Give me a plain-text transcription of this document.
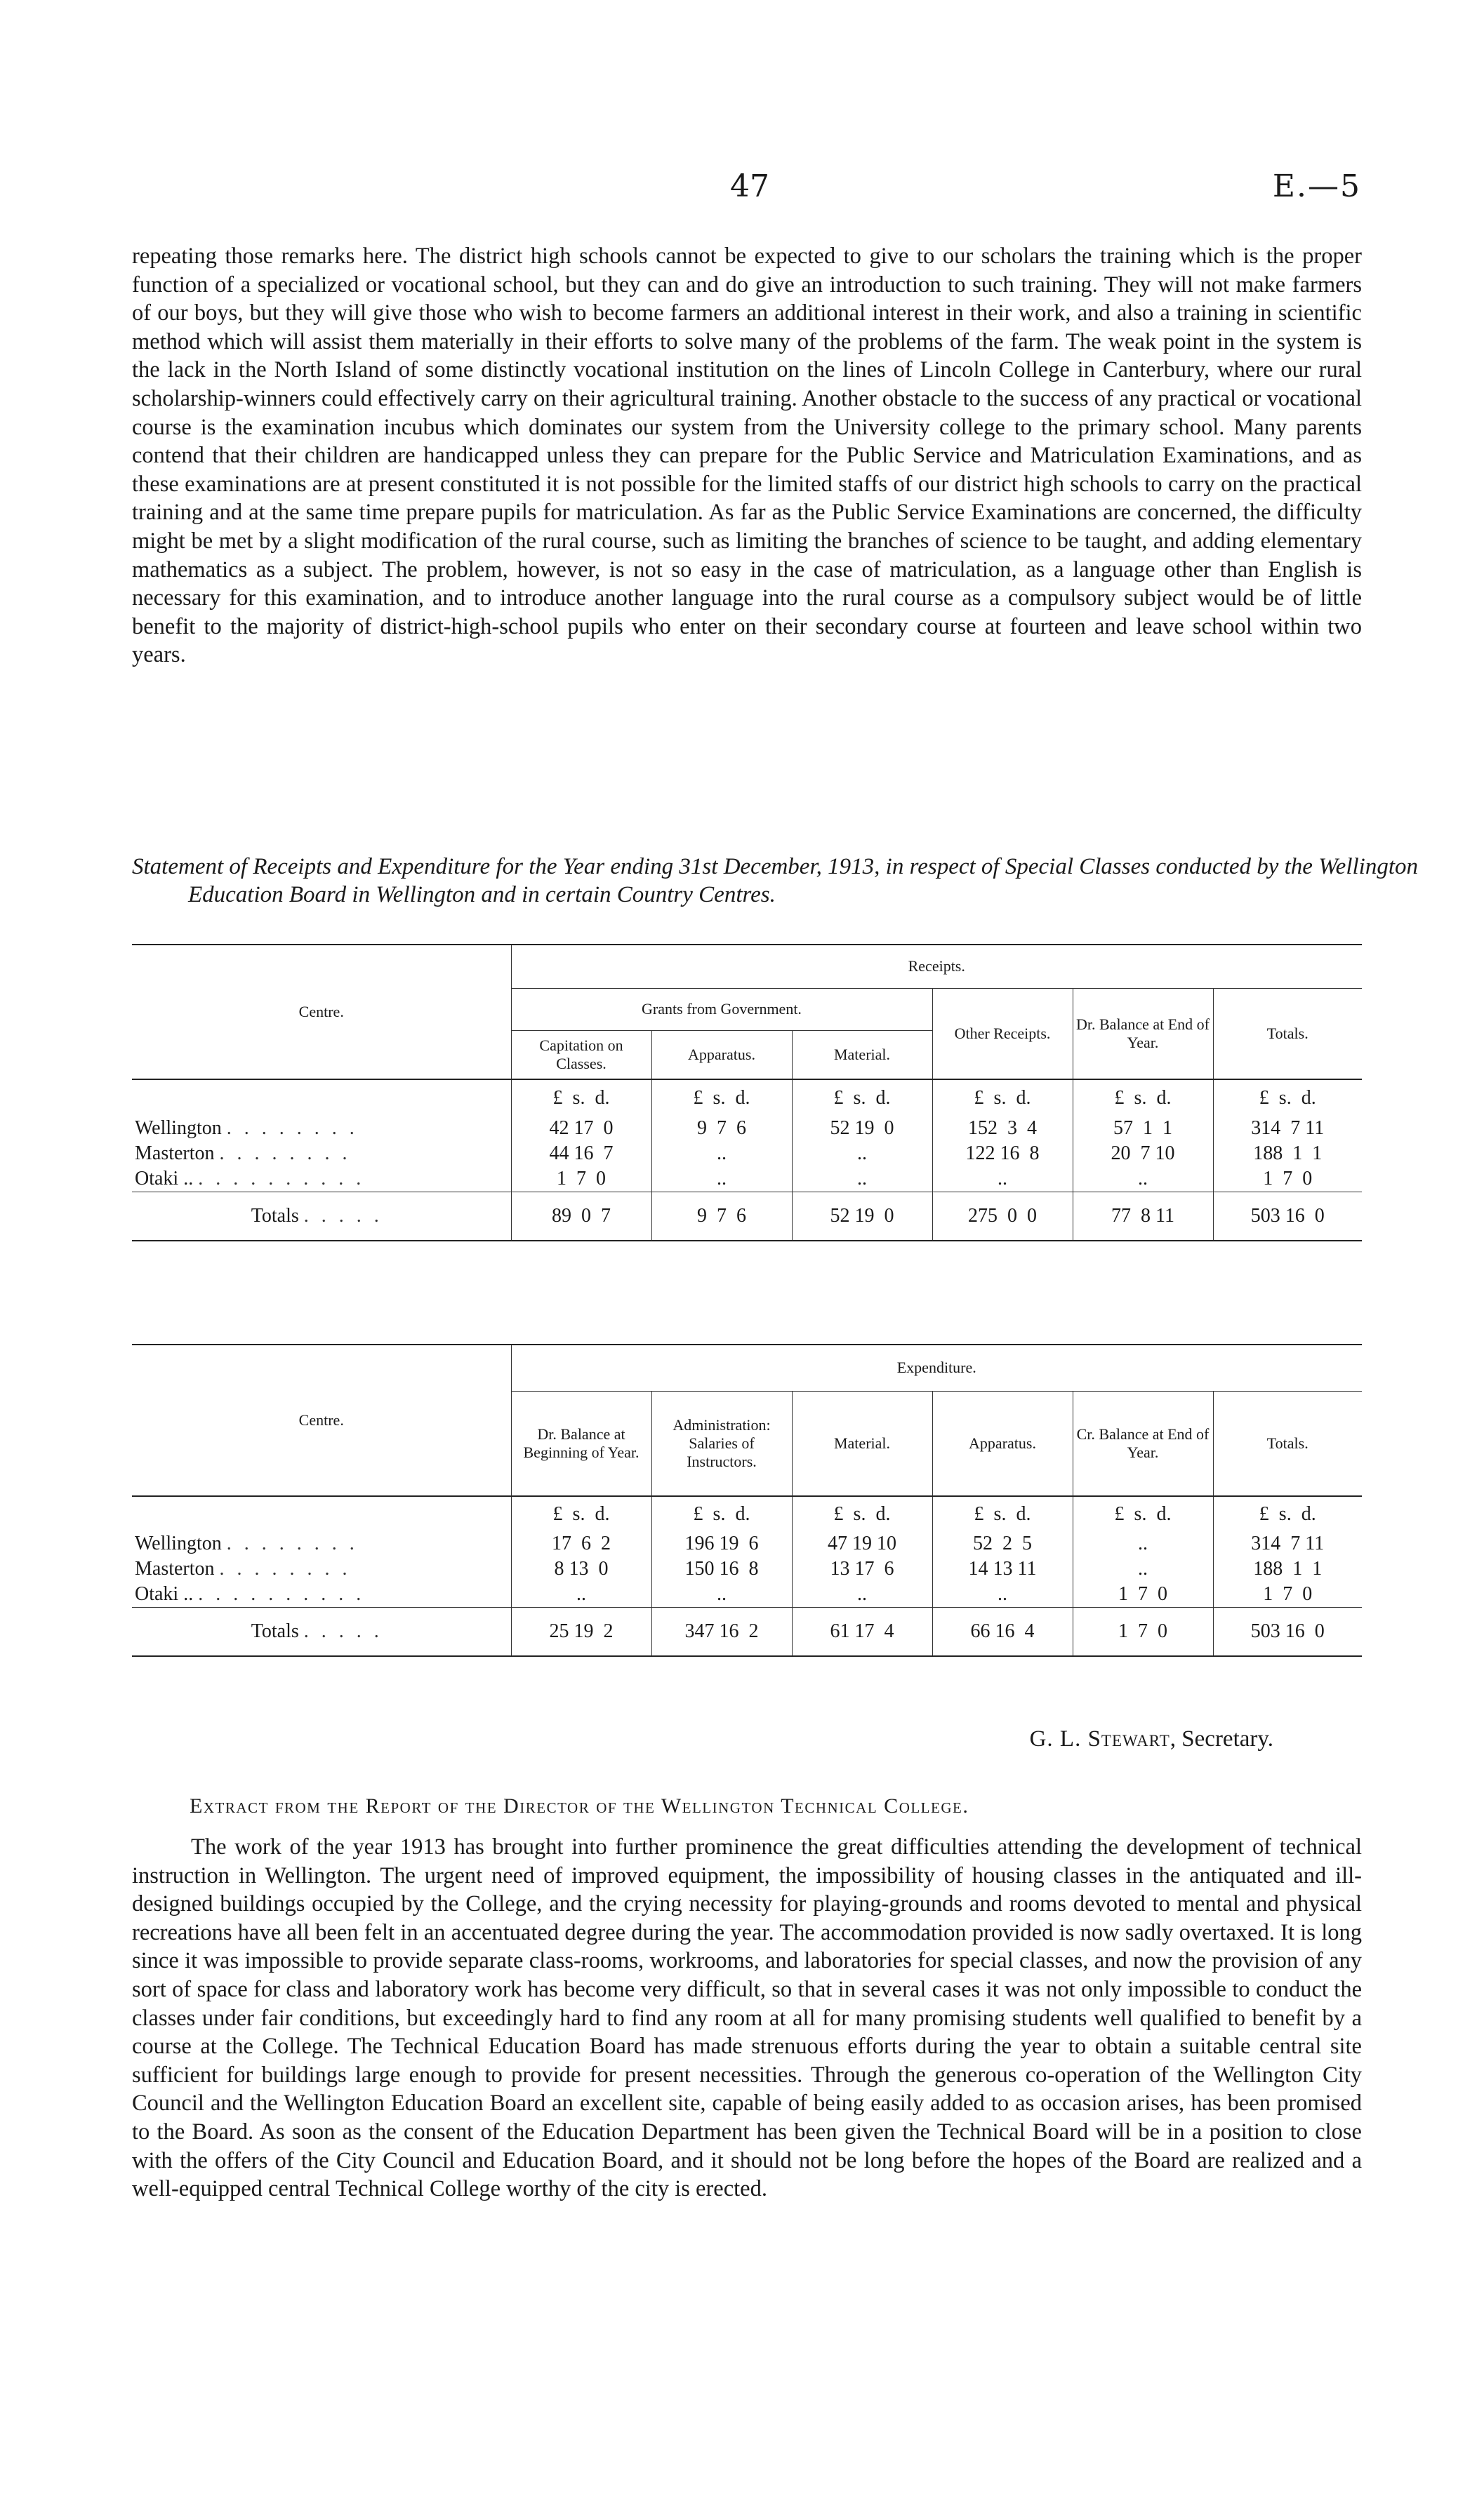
47	E.—5

repeating those remarks here. The district high schools cannot be expected to give to our scholars the training which is the proper function of a specialized or vocational school, but they can and do give an introduction to such training. They will not make farmers of our boys, but they will give those who wish to become farmers an additional interest in their work, and also a training in scientific method which will assist them materially in their efforts to solve many of the problems of the farm. The weak point in the system is the lack in the North Island of some distinctly vocational institution on the lines of Lincoln College in Canterbury, where our rural scholarship-winners could effectively carry on their agricultural training. Another obstacle to the success of any practical or vocational course is the examination incubus which dominates our system from the University college to the primary school. Many parents contend that their children are handicapped unless they can prepare for the Public Service and Matriculation Examinations, and as these examinations are at present constituted it is not possible for the limited staffs of our district high schools to carry on the practical training and at the same time prepare pupils for matriculation. As far as the Public Service Examinations are concerned, the difficulty might be met by a slight modification of the rural course, such as limiting the branches of science to be taught, and adding elementary mathematics as a subject. The problem, however, is not so easy in the case of matriculation, as a language other than English is necessary for this examination, and to introduce another language into the rural course as a compulsory subject would be of little benefit to the majority of district-high-school pupils who enter on their secondary course at fourteen and leave school within two years.

Statement of Receipts and Expenditure for the Year ending 31st December, 1913, in respect of Special Classes conducted by the Wellington Education Board in Wellington and in certain Country Centres.

Centre.	Receipts.					
	Grants from Government.			Other Receipts.	Dr. Balance at End of Year.	Totals.
	Capitation on Classes.	Apparatus.	Material.			
	£  s.  d.	£  s.  d.	£  s.  d.	£  s.  d.	£  s.  d.	£  s.  d.
Wellington ........	42 17  0	9  7  6	52 19  0	152  3  4	57  1  1	314  7 11
Masterton ........	44 16  7	..	..	122 16  8	20  7 10	188  1  1
Otaki .. ..........	1  7  0	..	..	..	..	1  7  0
Totals .....	89  0  7	9  7  6	52 19  0	275  0  0	77  8 11	503 16  0
Centre.	Expenditure.					
	Dr. Balance at Beginning of Year.	Administration: Salaries of Instructors.	Material.	Apparatus.	Cr. Balance at End of Year.	Totals.
	£  s.  d.	£  s.  d.	£  s.  d.	£  s.  d.	£  s.  d.	£  s.  d.
Wellington ........	17  6  2	196 19  6	47 19 10	52  2  5	..	314  7 11
Masterton ........	8 13  0	150 16  8	13 17  6	14 13 11	..	188  1  1
Otaki .. ..........	..	..	..	..	1  7  0	1  7  0
Totals .....	25 19  2	347 16  2	61 17  4	66 16  4	1  7  0	503 16  0
G. L. Stewart, Secretary.
Extract from the Report of the Director of the Wellington Technical College.

The work of the year 1913 has brought into further prominence the great difficulties attending the development of technical instruction in Wellington. The urgent need of improved equipment, the impossibility of housing classes in the antiquated and ill-designed buildings occupied by the College, and the crying necessity for playing-grounds and rooms devoted to mental and physical recreations have all been felt in an accentuated degree during the year. The accommodation provided is now sadly overtaxed. It is long since it was impossible to provide separate class-rooms, workrooms, and laboratories for special classes, and now the provision of any sort of space for class and laboratory work has become very difficult, so that in several cases it was not only impossible to conduct the classes under fair conditions, but exceedingly hard to find any room at all for many promising students well qualified to benefit by a course at the College. The Technical Education Board has made strenuous efforts during the year to obtain a suitable central site sufficient for buildings large enough to provide for present necessities. Through the generous co-operation of the Wellington City Council and the Wellington Education Board an excellent site, capable of being easily added to as occasion arises, has been promised to the Board. As soon as the consent of the Education Department has been given the Technical Board will be in a position to close with the offers of the City Council and Education Board, and it should not be long before the hopes of the Board are realized and a well-equipped central Technical College worthy of the city is erected.
